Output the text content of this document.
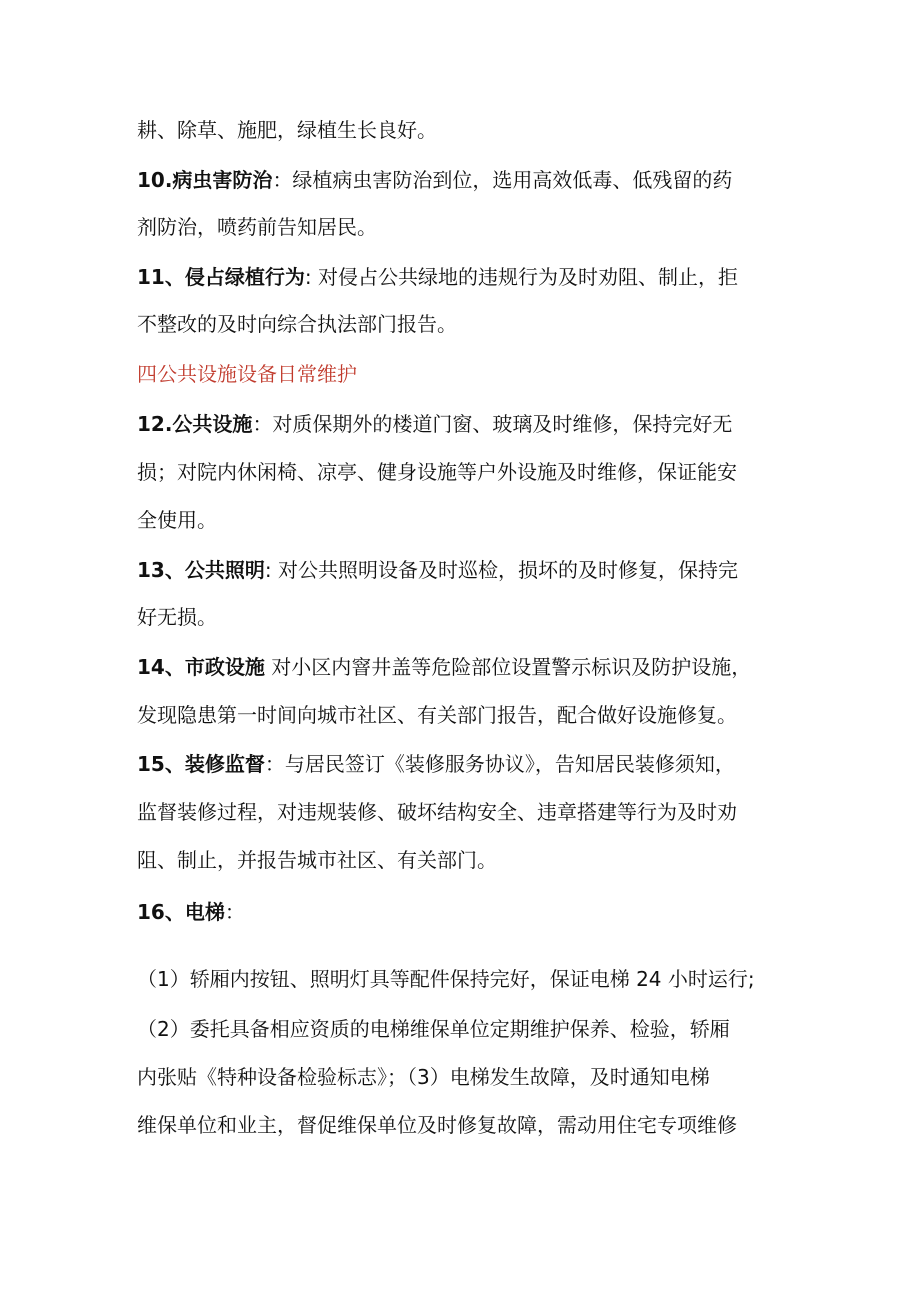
耕、除草、施肥，绿植生长良好。
10.病虫害防治：绿植病虫害防治到位，选用高效低毒、低残留的药
剂防治，喷药前告知居民。
11、侵占绿植行为: 对侵占公共绿地的违规行为及时劝阻、制止，拒
不整改的及时向综合执法部门报告。
四公共设施设备日常维护
12.公共设施：对质保期外的楼道门窗、玻璃及时维修，保持完好无
损；对院内休闲椅、凉亭、健身设施等户外设施及时维修，保证能安
全使用。
13、公共照明: 对公共照明设备及时巡检，损坏的及时修复，保持完
好无损。
14、市政设施 对小区内窨井盖等危险部位设置警示标识及防护设施，
发现隐患第一时间向城市社区、有关部门报告，配合做好设施修复。
15、装修监督：与居民签订《装修服务协议》，告知居民装修须知，
监督装修过程，对违规装修、破坏结构安全、违章搭建等行为及时劝
阻、制止，并报告城市社区、有关部门。
16、电梯：
（1）轿厢内按钮、照明灯具等配件保持完好，保证电梯 24 小时运行;
（2）委托具备相应资质的电梯维保单位定期维护保养、检验，轿厢
内张贴《特种设备检验标志》；（3）电梯发生故障，及时通知电梯
维保单位和业主，督促维保单位及时修复故障，需动用住宅专项维修
